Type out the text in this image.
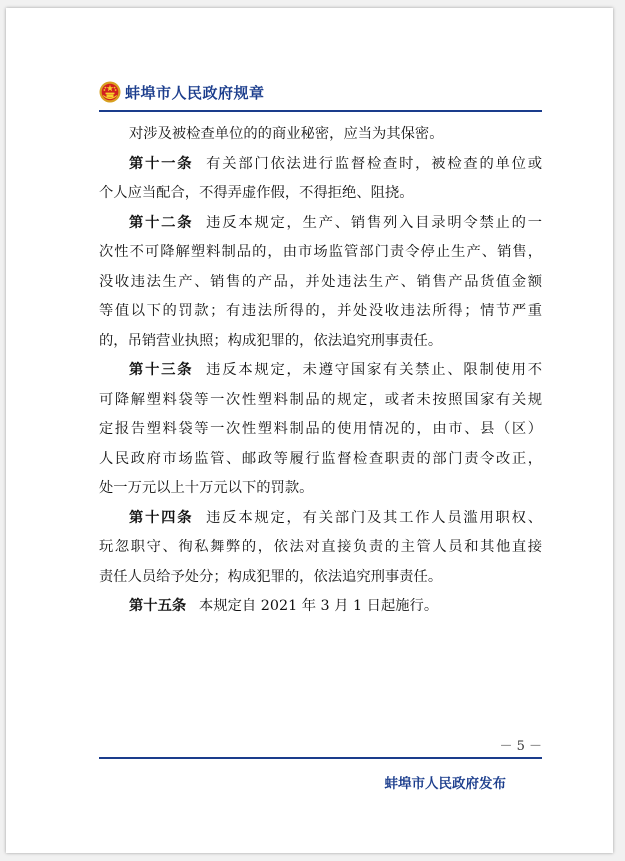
蚌埠市人民政府规章
对涉及被检查单位的的商业秘密，应当为其保密。
第十一条 有关部门依法进行监督检查时，被检查的单位或
个人应当配合，不得弄虚作假，不得拒绝、阻挠。
第十二条 违反本规定，生产、销售列入目录明令禁止的一
次性不可降解塑料制品的，由市场监管部门责令停止生产、销售，
没收违法生产、销售的产品，并处违法生产、销售产品货值金额
等值以下的罚款；有违法所得的，并处没收违法所得；情节严重
的，吊销营业执照；构成犯罪的，依法追究刑事责任。
第十三条 违反本规定，未遵守国家有关禁止、限制使用不
可降解塑料袋等一次性塑料制品的规定，或者未按照国家有关规
定报告塑料袋等一次性塑料制品的使用情况的，由市、县（区）
人民政府市场监管、邮政等履行监督检查职责的部门责令改正，
处一万元以上十万元以下的罚款。
第十四条 违反本规定，有关部门及其工作人员滥用职权、
玩忽职守、徇私舞弊的，依法对直接负责的主管人员和其他直接
责任人员给予处分；构成犯罪的，依法追究刑事责任。
第十五条 本规定自 2021 年 3 月 1 日起施行。
－ 5 －
蚌埠市人民政府发布
